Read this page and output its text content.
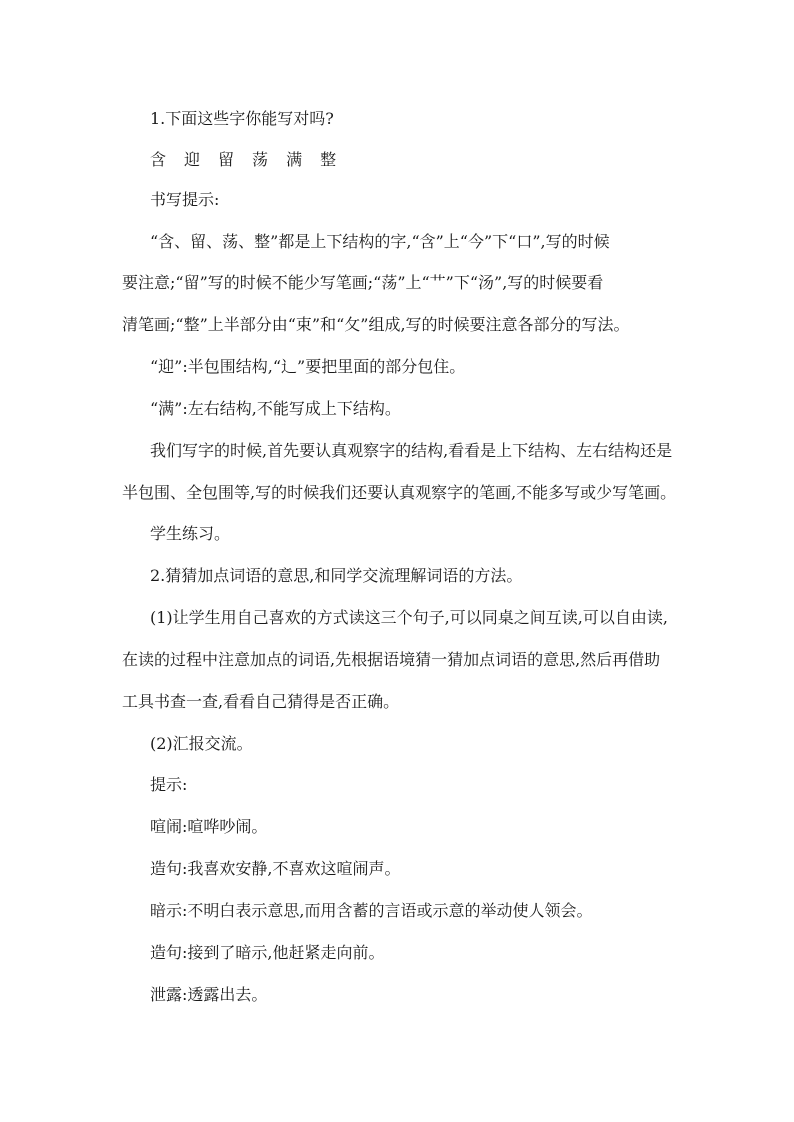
1.下面这些字你能写对吗?

含 迎 留 荡 满 整

书写提示:

“含、留、荡、整”都是上下结构的字,“含”上“今”下“口”,写的时候

要注意;“留”写的时候不能少写笔画;“荡”上“艹”下“汤”,写的时候要看

清笔画;“整”上半部分由“束”和“攵”组成,写的时候要注意各部分的写法。

“迎”:半包围结构,“辶”要把里面的部分包住。

“满”:左右结构,不能写成上下结构。

我们写字的时候,首先要认真观察字的结构,看看是上下结构、左右结构还是

半包围、全包围等,写的时候我们还要认真观察字的笔画,不能多写或少写笔画。

学生练习。

2.猜猜加点词语的意思,和同学交流理解词语的方法。

(1)让学生用自己喜欢的方式读这三个句子,可以同桌之间互读,可以自由读,

在读的过程中注意加点的词语,先根据语境猜一猜加点词语的意思,然后再借助

工具书查一查,看看自己猜得是否正确。

(2)汇报交流。

提示:

喧闹:喧哗吵闹。

造句:我喜欢安静,不喜欢这喧闹声。

暗示:不明白表示意思,而用含蓄的言语或示意的举动使人领会。

造句:接到了暗示,他赶紧走向前。

泄露:透露出去。
